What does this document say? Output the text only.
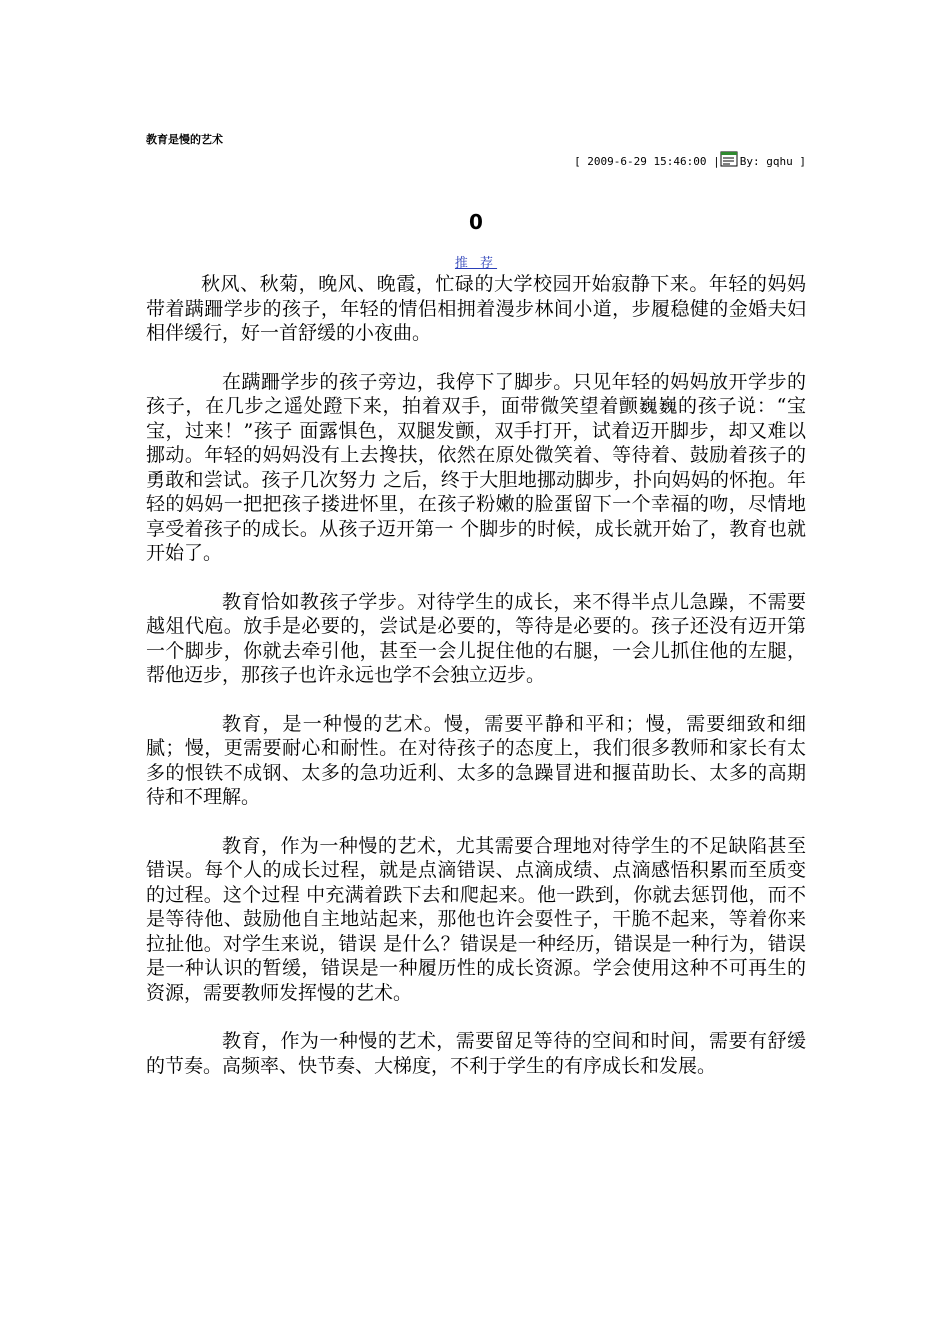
教育是慢的艺术
[ 2009-6-29 15:46:00 | By: gqhu ]
0
推 荐

秋风、秋菊，晚风、晚霞，忙碌的大学校园开始寂静下来。年轻的妈妈带着蹒跚学步的孩子，年轻的情侣相拥着漫步林间小道，步履稳健的金婚夫妇相伴缓行，好一首舒缓的小夜曲。

在蹒跚学步的孩子旁边，我停下了脚步。只见年轻的妈妈放开学步的孩子，在几步之遥处蹬下来，拍着双手，面带微笑望着颤巍巍的孩子说：“宝宝，过来！”孩子 面露惧色，双腿发颤，双手打开，试着迈开脚步，却又难以挪动。年轻的妈妈没有上去搀扶，依然在原处微笑着、等待着、鼓励着孩子的勇敢和尝试。孩子几次努力 之后，终于大胆地挪动脚步，扑向妈妈的怀抱。年轻的妈妈一把把孩子搂进怀里，在孩子粉嫩的脸蛋留下一个幸福的吻，尽情地享受着孩子的成长。从孩子迈开第一 个脚步的时候，成长就开始了，教育也就开始了。

教育恰如教孩子学步。对待学生的成长，来不得半点儿急躁，不需要越俎代庖。放手是必要的，尝试是必要的，等待是必要的。孩子还没有迈开第一个脚步，你就去牵引他，甚至一会儿捉住他的右腿，一会儿抓住他的左腿，帮他迈步，那孩子也许永远也学不会独立迈步。

教育，是一种慢的艺术。慢，需要平静和平和；慢，需要细致和细腻；慢，更需要耐心和耐性。在对待孩子的态度上，我们很多教师和家长有太多的恨铁不成钢、太多的急功近利、太多的急躁冒进和揠苗助长、太多的高期待和不理解。

教育，作为一种慢的艺术，尤其需要合理地对待学生的不足缺陷甚至错误。每个人的成长过程，就是点滴错误、点滴成绩、点滴感悟积累而至质变的过程。这个过程 中充满着跌下去和爬起来。他一跌到，你就去惩罚他，而不是等待他、鼓励他自主地站起来，那他也许会耍性子，干脆不起来，等着你来拉扯他。对学生来说，错误 是什么？错误是一种经历，错误是一种行为，错误是一种认识的暂缓，错误是一种履历性的成长资源。学会使用这种不可再生的资源，需要教师发挥慢的艺术。

教育，作为一种慢的艺术，需要留足等待的空间和时间，需要有舒缓的节奏。高频率、快节奏、大梯度，不利于学生的有序成长和发展。
